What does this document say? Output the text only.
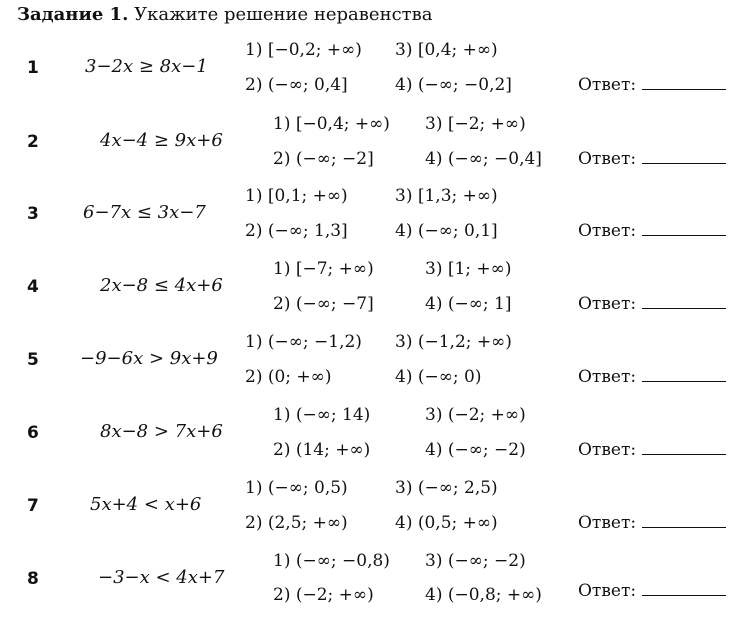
Задание 1. Укажите решение неравенства
1	3−2x ≥ 8x−1
1) [−0,2; +∞) 3) [0,4; +∞)
2) (−∞; 0,4]	4) (−∞; −0,2]	Ответ:
2	4x−4 ≥ 9x+6
1) [−0,4; +∞) 3) [−2; +∞)
2) (−∞; −2]	4) (−∞; −0,4] Ответ:
3 6−7x ≤ 3x−7
1) [0,1; +∞)	3) [1,3; +∞)
2) (−∞; 1,3]	4) (−∞; 0,1]	Ответ:
4	2x−8 ≤ 4x+6
1) [−7; +∞)	3) [1; +∞)
2) (−∞; −7]	4) (−∞; 1]	Ответ:
5 −9−6x > 9x+9
1) (−∞; −1,2) 3) (−1,2; +∞)
2) (0; +∞)	4) (−∞; 0)	Ответ:
6	8x−8 > 7x+6
1) (−∞; 14)	3) (−2; +∞)
2) (14; +∞)	4) (−∞; −2)	Ответ:
7	5x+4 < x+6
1) (−∞; 0,5)	3) (−∞; 2,5)
2) (2,5; +∞)	4) (0,5; +∞)	Ответ:
8	−3−x < 4x+7
1) (−∞; −0,8) 3) (−∞; −2)
2) (−2; +∞)	4) (−0,8; +∞) Ответ:
